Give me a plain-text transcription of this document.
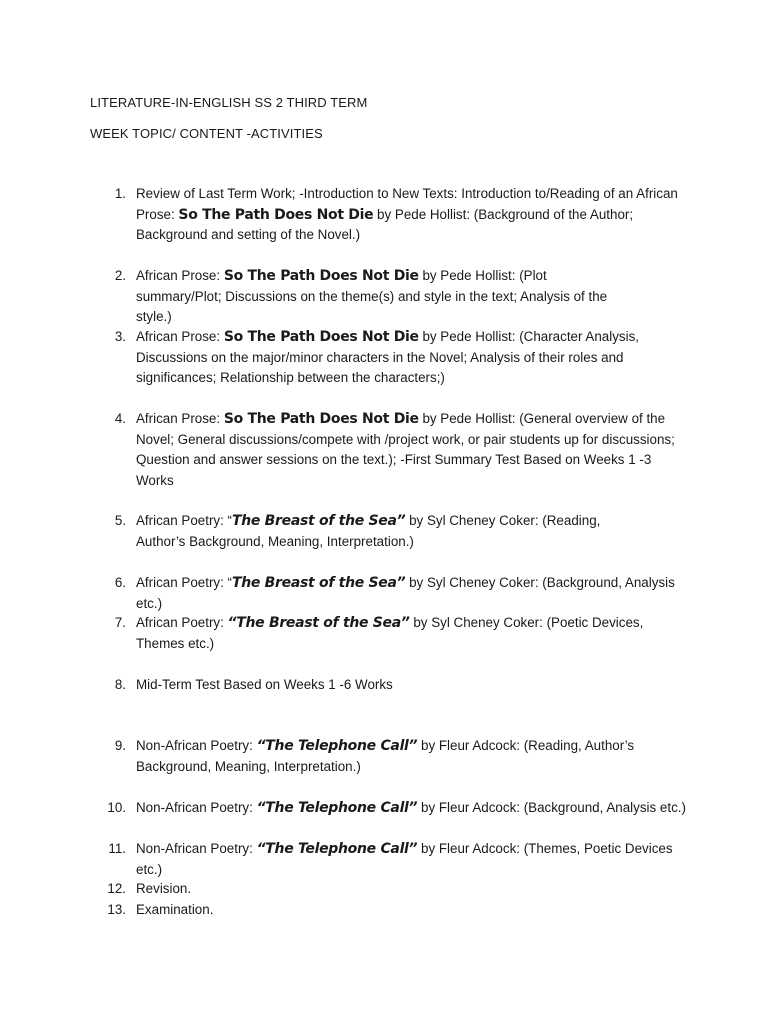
LITERATURE-IN-ENGLISH SS 2 THIRD TERM
WEEK TOPIC/ CONTENT -ACTIVITIES
1. Review of Last Term Work; -Introduction to New Texts: Introduction to/Reading of an African Prose: So The Path Does Not Die by Pede Hollist: (Background of the Author; Background and setting of the Novel.)
2. African Prose: So The Path Does Not Die by Pede Hollist: (Plot summary/Plot; Discussions on the theme(s) and style in the text; Analysis of the style.)
3. African Prose: So The Path Does Not Die by Pede Hollist: (Character Analysis, Discussions on the major/minor characters in the Novel; Analysis of their roles and significances; Relationship between the characters;)
4. African Prose: So The Path Does Not Die by Pede Hollist: (General overview of the Novel; General discussions/compete with /project work, or pair students up for discussions; Question and answer sessions on the text.); -First Summary Test Based on Weeks 1 -3 Works
5. African Poetry: “The Breast of the Sea” by Syl Cheney Coker: (Reading, Author’s Background, Meaning, Interpretation.)
6. African Poetry: “The Breast of the Sea” by Syl Cheney Coker: (Background, Analysis etc.)
7. African Poetry: “The Breast of the Sea” by Syl Cheney Coker: (Poetic Devices, Themes etc.)
8. Mid-Term Test Based on Weeks 1 -6 Works
9. Non-African Poetry: “The Telephone Call” by Fleur Adcock: (Reading, Author’s Background, Meaning, Interpretation.)
10. Non-African Poetry: “The Telephone Call” by Fleur Adcock: (Background, Analysis etc.)
11. Non-African Poetry: “The Telephone Call” by Fleur Adcock: (Themes, Poetic Devices etc.)
12. Revision.
13. Examination.
